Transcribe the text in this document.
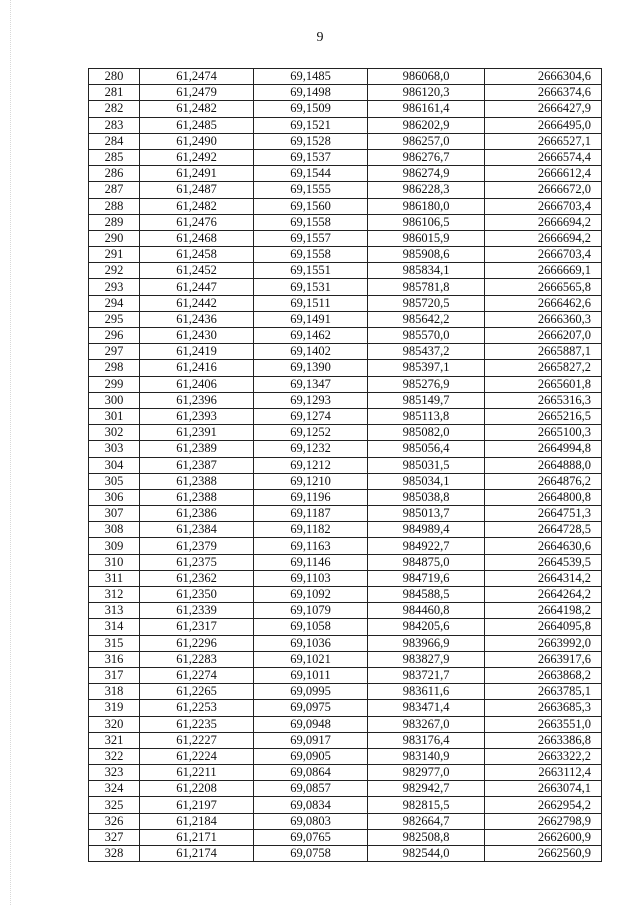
9
280	61,2474	69,1485	986068,0	2666304,6
281	61,2479	69,1498	986120,3	2666374,6
282	61,2482	69,1509	986161,4	2666427,9
283	61,2485	69,1521	986202,9	2666495,0
284	61,2490	69,1528	986257,0	2666527,1
285	61,2492	69,1537	986276,7	2666574,4
286	61,2491	69,1544	986274,9	2666612,4
287	61,2487	69,1555	986228,3	2666672,0
288	61,2482	69,1560	986180,0	2666703,4
289	61,2476	69,1558	986106,5	2666694,2
290	61,2468	69,1557	986015,9	2666694,2
291	61,2458	69,1558	985908,6	2666703,4
292	61,2452	69,1551	985834,1	2666669,1
293	61,2447	69,1531	985781,8	2666565,8
294	61,2442	69,1511	985720,5	2666462,6
295	61,2436	69,1491	985642,2	2666360,3
296	61,2430	69,1462	985570,0	2666207,0
297	61,2419	69,1402	985437,2	2665887,1
298	61,2416	69,1390	985397,1	2665827,2
299	61,2406	69,1347	985276,9	2665601,8
300	61,2396	69,1293	985149,7	2665316,3
301	61,2393	69,1274	985113,8	2665216,5
302	61,2391	69,1252	985082,0	2665100,3
303	61,2389	69,1232	985056,4	2664994,8
304	61,2387	69,1212	985031,5	2664888,0
305	61,2388	69,1210	985034,1	2664876,2
306	61,2388	69,1196	985038,8	2664800,8
307	61,2386	69,1187	985013,7	2664751,3
308	61,2384	69,1182	984989,4	2664728,5
309	61,2379	69,1163	984922,7	2664630,6
310	61,2375	69,1146	984875,0	2664539,5
311	61,2362	69,1103	984719,6	2664314,2
312	61,2350	69,1092	984588,5	2664264,2
313	61,2339	69,1079	984460,8	2664198,2
314	61,2317	69,1058	984205,6	2664095,8
315	61,2296	69,1036	983966,9	2663992,0
316	61,2283	69,1021	983827,9	2663917,6
317	61,2274	69,1011	983721,7	2663868,2
318	61,2265	69,0995	983611,6	2663785,1
319	61,2253	69,0975	983471,4	2663685,3
320	61,2235	69,0948	983267,0	2663551,0
321	61,2227	69,0917	983176,4	2663386,8
322	61,2224	69,0905	983140,9	2663322,2
323	61,2211	69,0864	982977,0	2663112,4
324	61,2208	69,0857	982942,7	2663074,1
325	61,2197	69,0834	982815,5	2662954,2
326	61,2184	69,0803	982664,7	2662798,9
327	61,2171	69,0765	982508,8	2662600,9
328	61,2174	69,0758	982544,0	2662560,9
